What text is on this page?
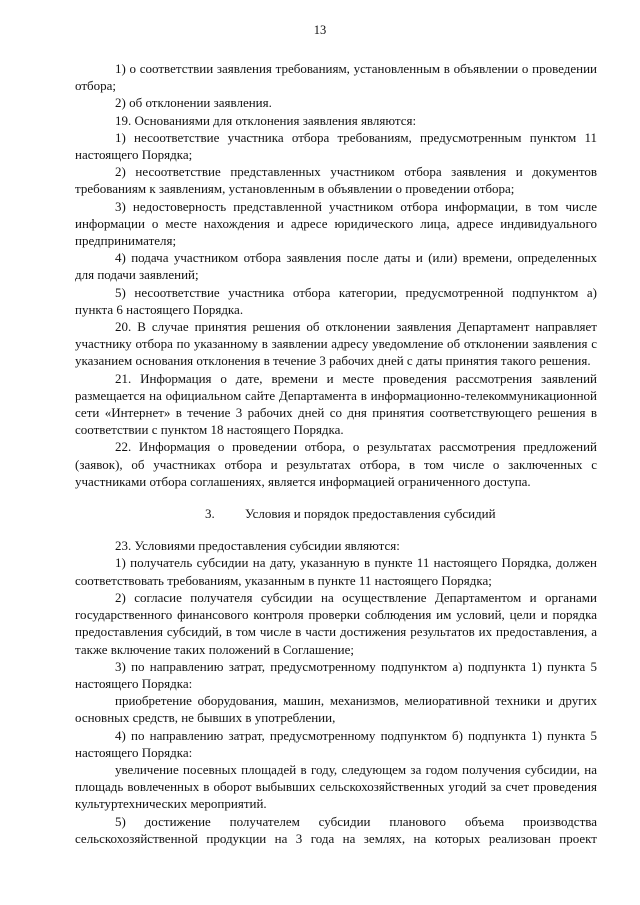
13

1) о соответствии заявления требованиям, установленным в объявлении о проведении отбора;

2) об отклонении заявления.

19. Основаниями для отклонения заявления являются:

1) несоответствие участника отбора требованиям, предусмотренным пунктом 11 настоящего Порядка;

2) несоответствие представленных участником отбора заявления и документов требованиям к заявлениям, установленным в объявлении о проведении отбора;

3) недостоверность представленной участником отбора информации, в том числе информации о месте нахождения и адресе юридического лица, адресе индивидуального предпринимателя;

4) подача участником отбора заявления после даты и (или) времени, определенных для подачи заявлений;

5) несоответствие участника отбора категории, предусмотренной подпунктом а) пункта 6 настоящего Порядка.

20. В случае принятия решения об отклонении заявления Департамент направляет участнику отбора по указанному в заявлении адресу уведомление об отклонении заявления с указанием основания отклонения в течение 3 рабочих дней с даты принятия такого решения.

21. Информация о дате, времени и месте проведения рассмотрения заявлений размещается на официальном сайте Департамента в информационно-телекоммуникационной сети «Интернет» в течение 3 рабочих дней со дня принятия соответствующего решения в соответствии с пунктом 18 настоящего Порядка.

22. Информация о проведении отбора, о результатах рассмотрения предложений (заявок), об участниках отбора и результатах отбора, в том числе о заключенных с участниками отбора соглашениях, является информацией ограниченного доступа.

3.	Условия и порядок предоставления субсидий

23. Условиями предоставления субсидии являются:

1) получатель субсидии на дату, указанную в пункте 11 настоящего Порядка, должен соответствовать требованиям, указанным в пункте 11 настоящего Порядка;

2) согласие получателя субсидии на осуществление Департаментом и органами государственного финансового контроля проверки соблюдения им условий, цели и порядка предоставления субсидий, в том числе в части достижения результатов их предоставления, а также включение таких положений в Соглашение;

3) по направлению затрат, предусмотренному подпунктом а) подпункта 1) пункта 5 настоящего Порядка:

приобретение оборудования, машин, механизмов, мелиоративной техники и других основных средств, не бывших в употреблении,

4) по направлению затрат, предусмотренному подпунктом б) подпункта 1) пункта 5 настоящего Порядка:

увеличение посевных площадей в году, следующем за годом получения субсидии, на площадь вовлеченных в оборот выбывших сельскохозяйственных угодий за счет проведения культуртехнических мероприятий.

5) достижение получателем субсидии планового объема производства сельскохозяйственной продукции на 3 года на землях, на которых реализован проект
